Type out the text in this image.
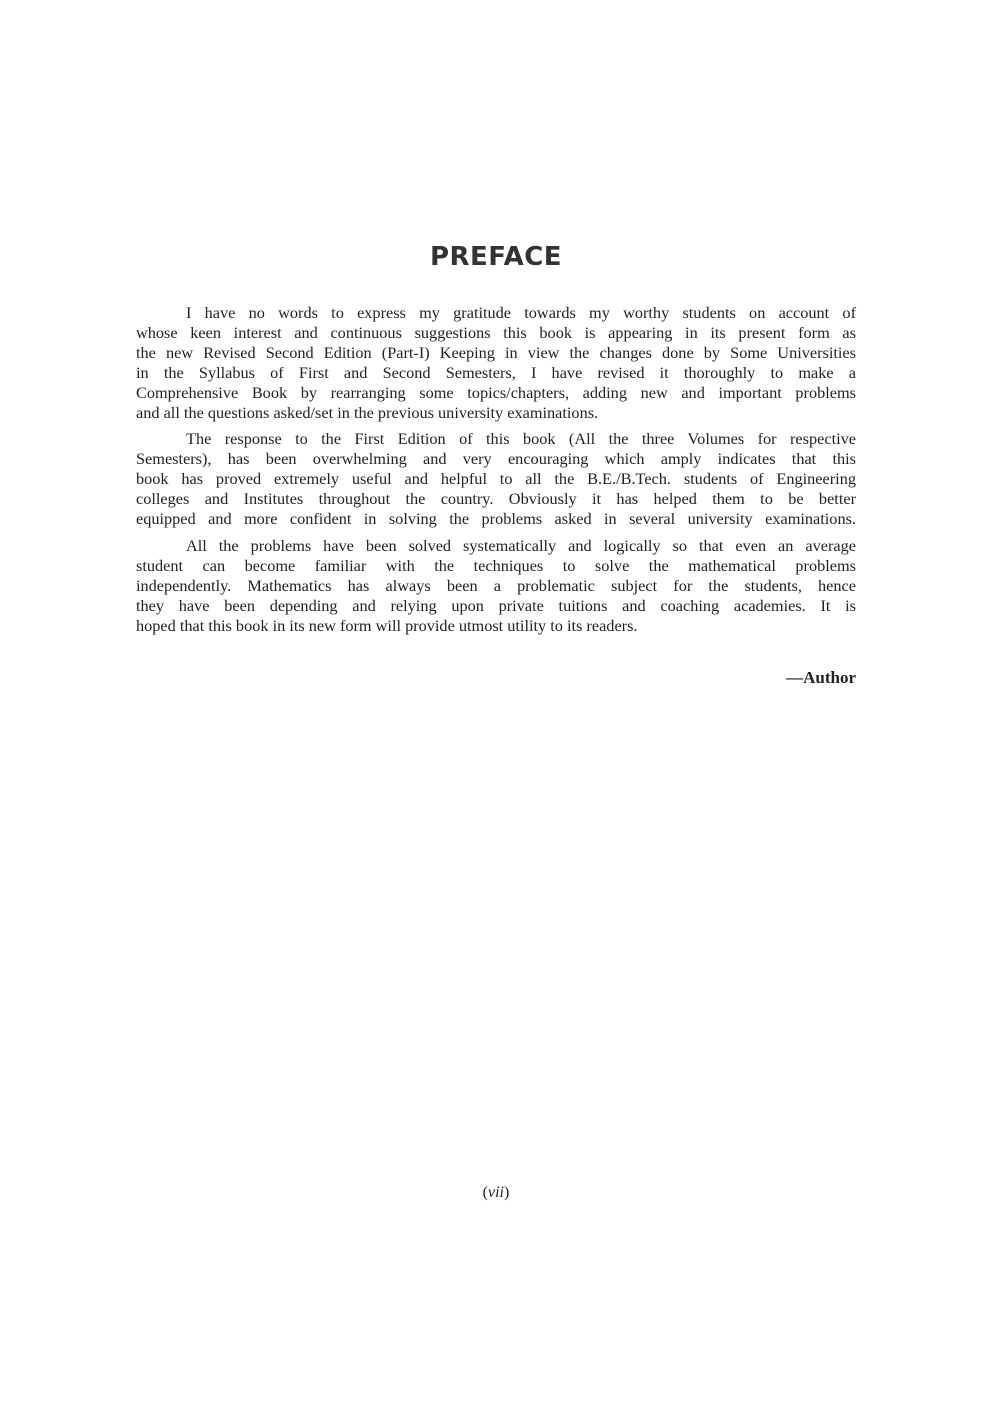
PREFACE
I have no words to express my gratitude towards my worthy students on account of
whose keen interest and continuous suggestions this book is appearing in its present form as
the new Revised Second Edition (Part-I) Keeping in view the changes done by Some Universities
in the Syllabus of First and Second Semesters, I have revised it thoroughly to make a
Comprehensive Book by rearranging some topics/chapters, adding new and important problems
and all the questions asked/set in the previous university examinations.
The response to the First Edition of this book (All the three Volumes for respective
Semesters), has been overwhelming and very encouraging which amply indicates that this
book has proved extremely useful and helpful to all the B.E./B.Tech. students of Engineering
colleges and Institutes throughout the country. Obviously it has helped them to be better
equipped and more confident in solving the problems asked in several university examinations.
All the problems have been solved systematically and logically so that even an average
student can become familiar with the techniques to solve the mathematical problems
independently. Mathematics has always been a problematic subject for the students, hence
they have been depending and relying upon private tuitions and coaching academies. It is
hoped that this book in its new form will provide utmost utility to its readers.
—Author
(vii)
